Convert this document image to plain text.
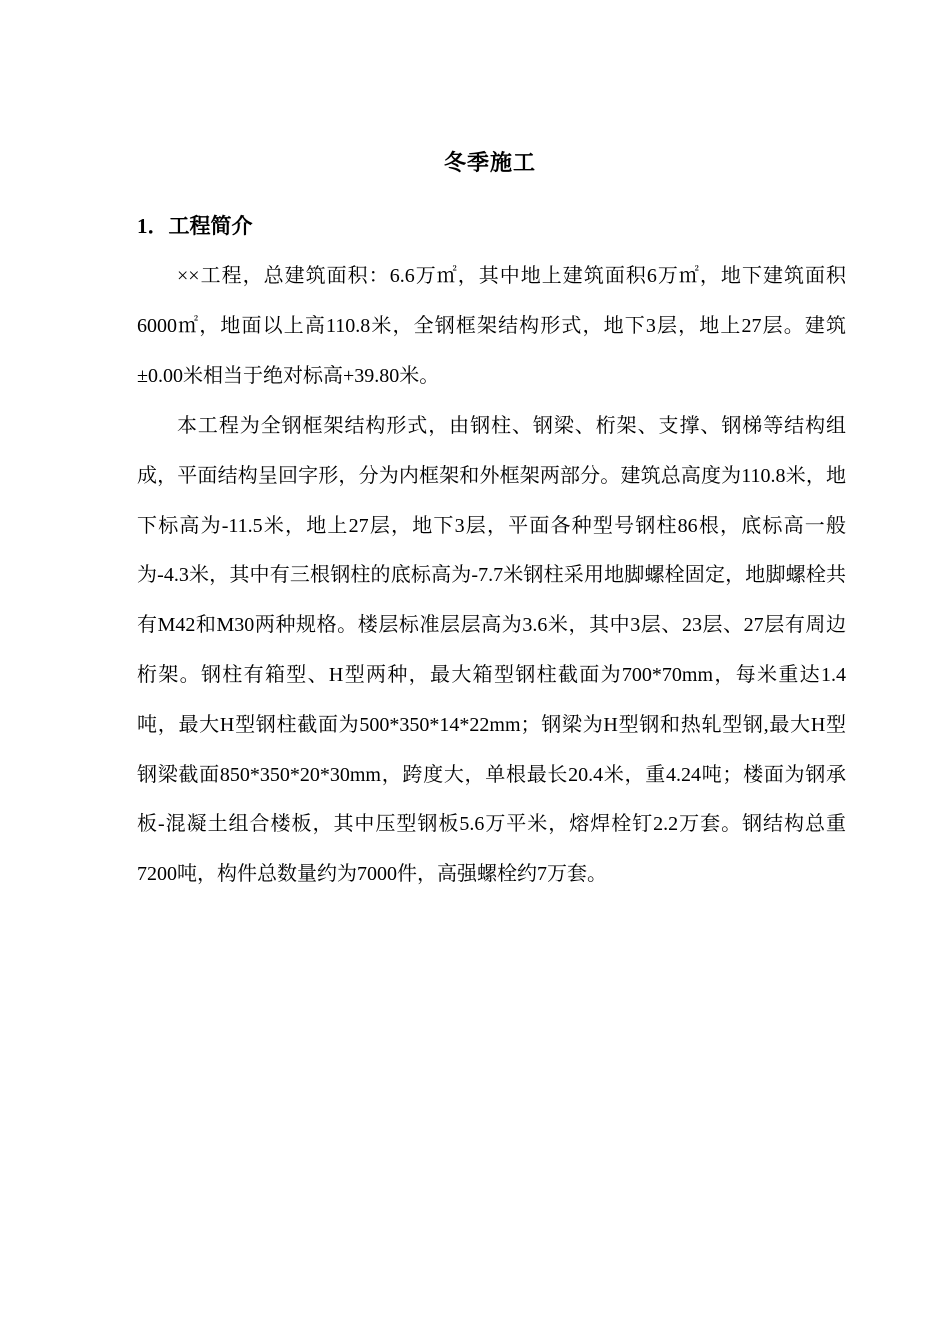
冬季施工
1．工程简介

××工程，总建筑面积：6.6万㎡，其中地上建筑面积6万㎡，地下建筑面积6000㎡，地面以上高110.8米，全钢框架结构形式，地下3层，地上27层。建筑±0.00米相当于绝对标高+39.80米。

本工程为全钢框架结构形式，由钢柱、钢梁、桁架、支撑、钢梯等结构组成，平面结构呈回字形，分为内框架和外框架两部分。建筑总高度为110.8米，地下标高为-11.5米，地上27层，地下3层，平面各种型号钢柱86根，底标高一般为-4.3米，其中有三根钢柱的底标高为-7.7米钢柱采用地脚螺栓固定，地脚螺栓共有M42和M30两种规格。楼层标准层层高为3.6米，其中3层、23层、27层有周边桁架。钢柱有箱型、H型两种，最大箱型钢柱截面为700*70mm，每米重达1.4吨，最大H型钢柱截面为500*350*14*22mm；钢梁为H型钢和热轧型钢,最大H型钢梁截面850*350*20*30mm，跨度大，单根最长20.4米，重4.24吨；楼面为钢承板-混凝土组合楼板，其中压型钢板5.6万平米，熔焊栓钉2.2万套。钢结构总重7200吨，构件总数量约为7000件，高强螺栓约7万套。
